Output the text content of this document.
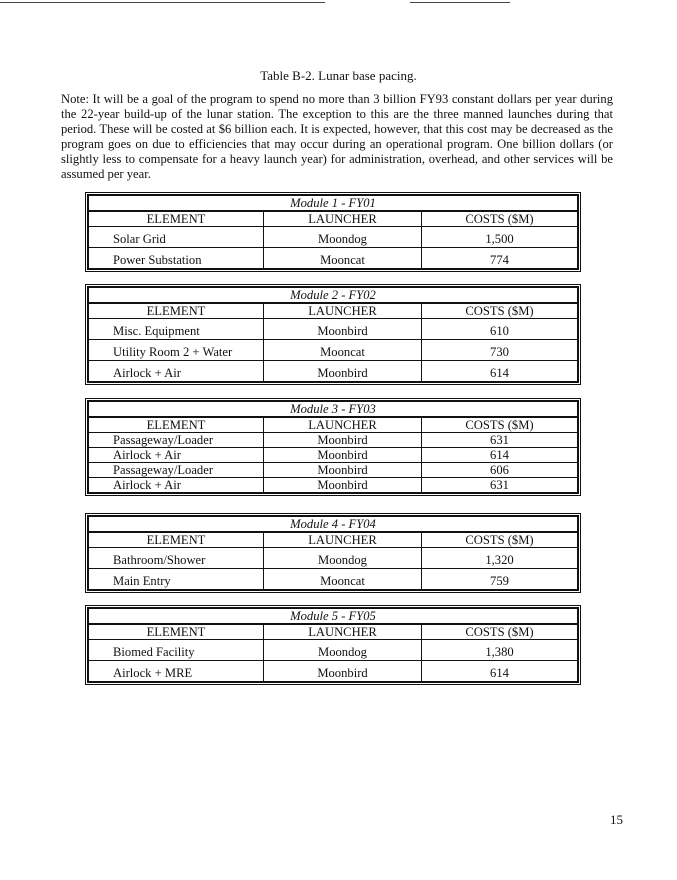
Table B-2. Lunar base pacing.

Note: It will be a goal of the program to spend no more than 3 billion FY93 constant dollars per year during the 22-year build-up of the lunar station. The exception to this are the three manned launches during that period. These will be costed at $6 billion each. It is expected, however, that this cost may be decreased as the program goes on due to efficiencies that may occur during an operational program. One billion dollars (or slightly less to compensate for a heavy launch year) for administration, overhead, and other services will be assumed per year.

Module 1 - FY01		
ELEMENT	LAUNCHER	COSTS ($M)
Solar Grid	Moondog	1,500
Power Substation	Mooncat	774
Module 2 - FY02		
ELEMENT	LAUNCHER	COSTS ($M)
Misc. Equipment	Moonbird	610
Utility Room 2 + Water	Mooncat	730
Airlock + Air	Moonbird	614
Module 3 - FY03		
ELEMENT	LAUNCHER	COSTS ($M)
Passageway/Loader	Moonbird	631
Airlock + Air	Moonbird	614
Passageway/Loader	Moonbird	606
Airlock + Air	Moonbird	631
Module 4 - FY04		
ELEMENT	LAUNCHER	COSTS ($M)
Bathroom/Shower	Moondog	1,320
Main Entry	Mooncat	759
Module 5 - FY05		
ELEMENT	LAUNCHER	COSTS ($M)
Biomed Facility	Moondog	1,380
Airlock + MRE	Moonbird	614
15
